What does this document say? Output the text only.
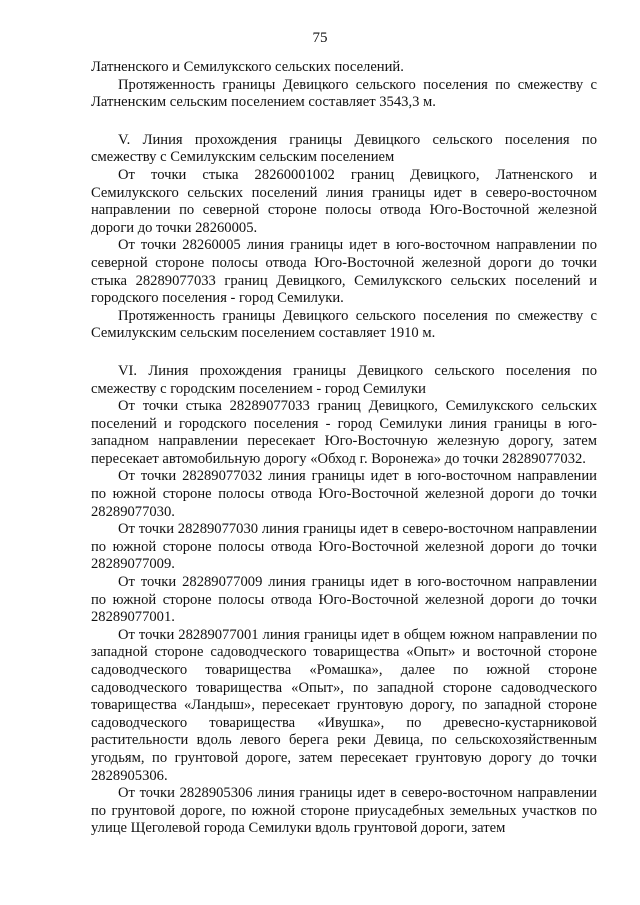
75

Латненского и Семилукского сельских поселений.

Протяженность границы Девицкого сельского поселения по смежеству с Латненским сельским поселением составляет 3543,3 м.

V. Линия прохождения границы Девицкого сельского поселения по смежеству с Семилукским сельским поселением

От точки стыка 28260001002 границ Девицкого, Латненского и Семилукского сельских поселений линия границы идет в северо-восточном направлении по северной стороне полосы отвода Юго-Восточной железной дороги до точки 28260005.

От точки 28260005 линия границы идет в юго-восточном направлении по северной стороне полосы отвода Юго-Восточной железной дороги до точки стыка 28289077033 границ Девицкого, Семилукского сельских поселений и городского поселения - город Семилуки.

Протяженность границы Девицкого сельского поселения по смежеству с Семилукским сельским поселением составляет 1910 м.

VI. Линия прохождения границы Девицкого сельского поселения по смежеству с городским поселением - город Семилуки

От точки стыка 28289077033 границ Девицкого, Семилукского сельских поселений и городского поселения - город Семилуки линия границы в юго-западном направлении пересекает Юго-Восточную железную дорогу, затем пересекает автомобильную дорогу «Обход г. Воронежа» до точки 28289077032.

От точки 28289077032 линия границы идет в юго-восточном направлении по южной стороне полосы отвода Юго-Восточной железной дороги до точки 28289077030.

От точки 28289077030 линия границы идет в северо-восточном направлении по южной стороне полосы отвода Юго-Восточной железной дороги до точки 28289077009.

От точки 28289077009 линия границы идет в юго-восточном направлении по южной стороне полосы отвода Юго-Восточной железной дороги до точки 28289077001.

От точки 28289077001 линия границы идет в общем южном направлении по западной стороне садоводческого товарищества «Опыт» и восточной стороне садоводческого товарищества «Ромашка», далее по южной стороне садоводческого товарищества «Опыт», по западной стороне садоводческого товарищества «Ландыш», пересекает грунтовую дорогу, по западной стороне садоводческого товарищества «Ивушка», по древесно-кустарниковой растительности вдоль левого берега реки Девица, по сельскохозяйственным угодьям, по грунтовой дороге, затем пересекает грунтовую дорогу до точки 2828905306.

От точки 2828905306 линия границы идет в северо-восточном направлении по грунтовой дороге, по южной стороне приусадебных земельных участков по улице Щеголевой города Семилуки вдоль грунтовой дороги, затем
